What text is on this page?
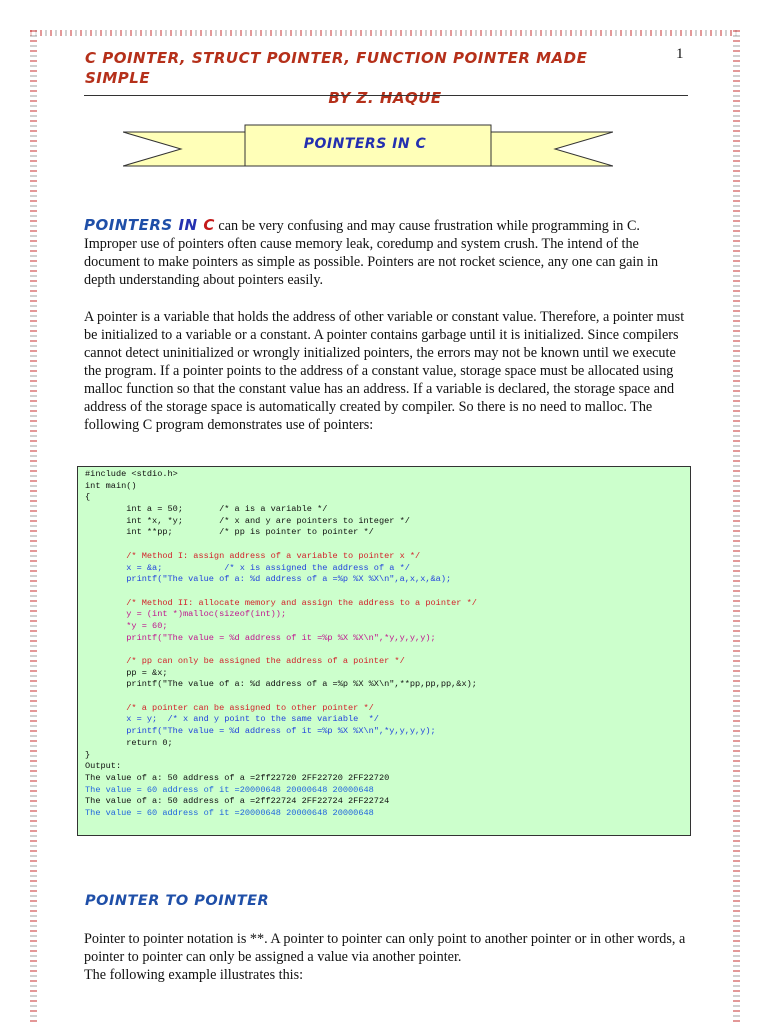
C POINTER, STRUCT POINTER, FUNCTION POINTER MADE SIMPLE
BY Z. HAQUE
1
POINTERS IN C
POINTERS IN C can be very confusing and may cause frustration while programming in C. Improper use of pointers often cause memory leak, coredump and system crush. The intend of the document to make pointers as simple as possible. Pointers are not rocket science, any one can gain in depth understanding about pointers easily.
A pointer is a variable that holds the address of other variable or constant value. Therefore, a pointer must be initialized to a variable or a constant. A pointer contains garbage until it is initialized. Since compilers cannot detect uninitialized or wrongly initialized pointers, the errors may not be known until we execute the program. If a pointer points to the address of a constant value, storage space must be allocated using malloc function so that the constant value has an address. If a variable is declared, the storage space and address of the storage space is automatically created by compiler. So there is no need to malloc. The following C program demonstrates use of pointers:
#include <stdio.h>
int main()
{
int a = 50;       /* a is a variable */
int *x, *y;       /* x and y are pointers to integer */
int **pp;         /* pp is pointer to pointer */
/* Method I: assign address of a variable to pointer x */
x = &a;            /* x is assigned the address of a */
printf("The value of a: %d address of a =%p %X %X\n",a,x,x,&a);
/* Method II: allocate memory and assign the address to a pointer */
y = (int *)malloc(sizeof(int));
*y = 60;
printf("The value = %d address of it =%p %X %X\n",*y,y,y,y);
/* pp can only be assigned the address of a pointer */
pp = &x;
printf("The value of a: %d address of a =%p %X %X\n",**pp,pp,pp,&x);
/* a pointer can be assigned to other pointer */
x = y;  /* x and y point to the same variable  */
printf("The value = %d address of it =%p %X %X\n",*y,y,y,y);
return 0;
}
Output:
The value of a: 50 address of a =2ff22720 2FF22720 2FF22720
The value = 60 address of it =20000648 20000648 20000648
The value of a: 50 address of a =2ff22724 2FF22724 2FF22724
The value = 60 address of it =20000648 20000648 20000648
POINTER TO POINTER
Pointer to pointer notation is **. A pointer to pointer can only point to another pointer or in other words, a pointer to pointer can only be assigned a value via another pointer.
The following example illustrates this:
